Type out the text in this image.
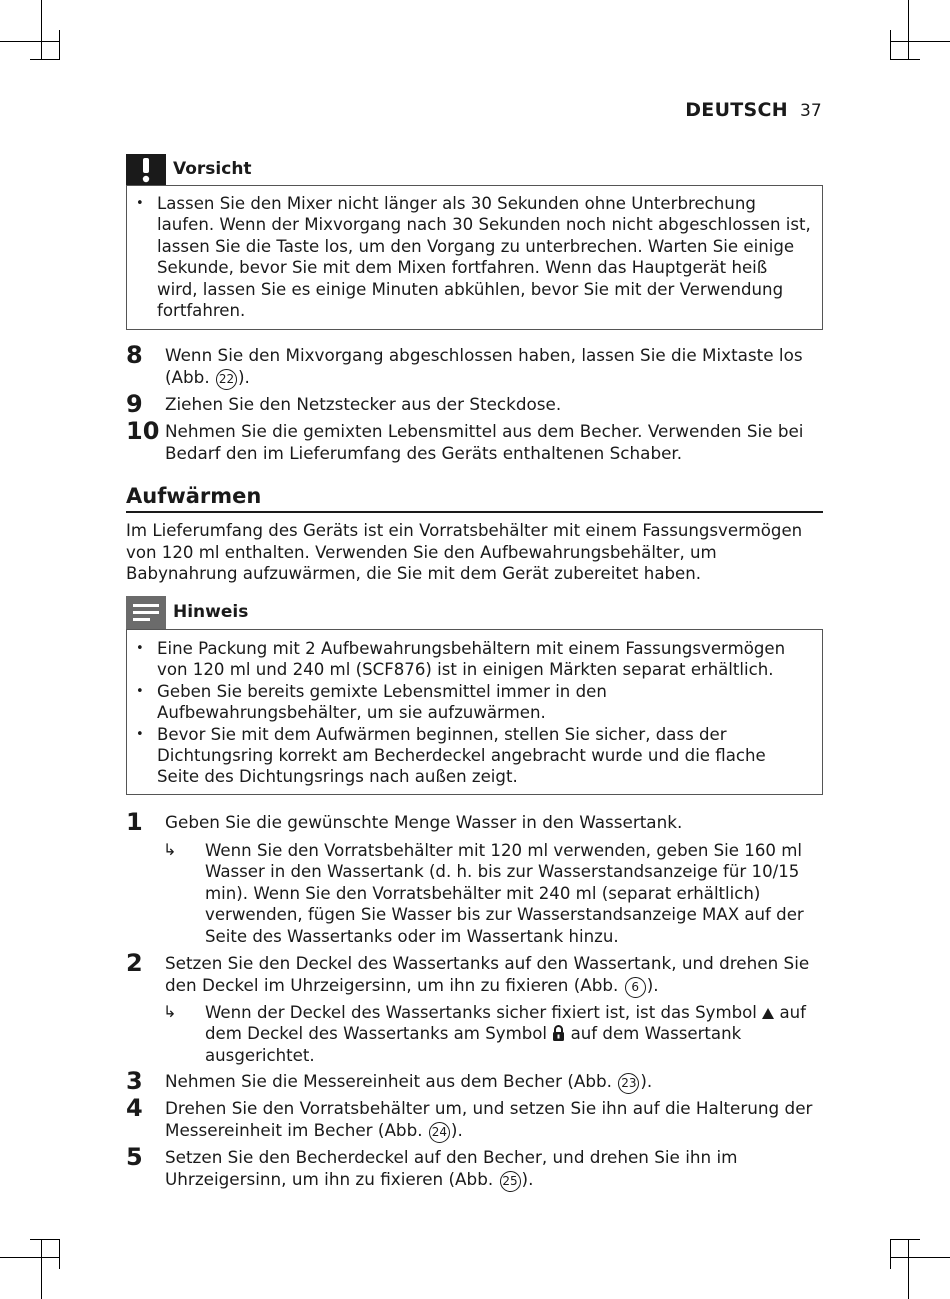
DEUTSCH 37
Vorsicht
• Lassen Sie den Mixer nicht länger als 30 Sekunden ohne Unterbrechung laufen. Wenn der Mixvorgang nach 30 Sekunden noch nicht abgeschlossen ist, lassen Sie die Taste los, um den Vorgang zu unterbrechen. Warten Sie einige Sekunde, bevor Sie mit dem Mixen fortfahren. Wenn das Hauptgerät heiß wird, lassen Sie es einige Minuten abkühlen, bevor Sie mit der Verwendung fortfahren.
8 Wenn Sie den Mixvorgang abgeschlossen haben, lassen Sie die Mixtaste los (Abb. 22 ).
9 Ziehen Sie den Netzstecker aus der Steckdose.
10 Nehmen Sie die gemixten Lebensmittel aus dem Becher. Verwenden Sie bei Bedarf den im Lieferumfang des Geräts enthaltenen Schaber.
Aufwärmen
Im Lieferumfang des Geräts ist ein Vorratsbehälter mit einem Fassungsvermögen von 120 ml enthalten. Verwenden Sie den Aufbewahrungsbehälter, um Babynahrung aufzuwärmen, die Sie mit dem Gerät zubereitet haben.
Hinweis
• Eine Packung mit 2 Aufbewahrungsbehältern mit einem Fassungsvermögen von 120 ml und 240 ml (SCF876) ist in einigen Märkten separat erhältlich.
• Geben Sie bereits gemixte Lebensmittel immer in den Aufbewahrungsbehälter, um sie aufzuwärmen.
• Bevor Sie mit dem Aufwärmen beginnen, stellen Sie sicher, dass der Dichtungsring korrekt am Becherdeckel angebracht wurde und die flache Seite des Dichtungsrings nach außen zeigt.
1 Geben Sie die gewünschte Menge Wasser in den Wassertank.
↳ Wenn Sie den Vorratsbehälter mit 120 ml verwenden, geben Sie 160 ml Wasser in den Wassertank (d. h. bis zur Wasserstandsanzeige für 10/15 min). Wenn Sie den Vorratsbehälter mit 240 ml (separat erhältlich) verwenden, fügen Sie Wasser bis zur Wasserstandsanzeige MAX auf der Seite des Wassertanks oder im Wassertank hinzu.
2 Setzen Sie den Deckel des Wassertanks auf den Wassertank, und drehen Sie den Deckel im Uhrzeigersinn, um ihn zu fixieren (Abb. 6 ).
↳ Wenn der Deckel des Wassertanks sicher fixiert ist, ist das Symbol auf dem Deckel des Wassertanks am Symbol auf dem Wassertank ausgerichtet.
3 Nehmen Sie die Messereinheit aus dem Becher (Abb. 23 ).
4 Drehen Sie den Vorratsbehälter um, und setzen Sie ihn auf die Halterung der Messereinheit im Becher (Abb. 24 ).
5 Setzen Sie den Becherdeckel auf den Becher, und drehen Sie ihn im Uhrzeigersinn, um ihn zu fixieren (Abb. 25 ).
